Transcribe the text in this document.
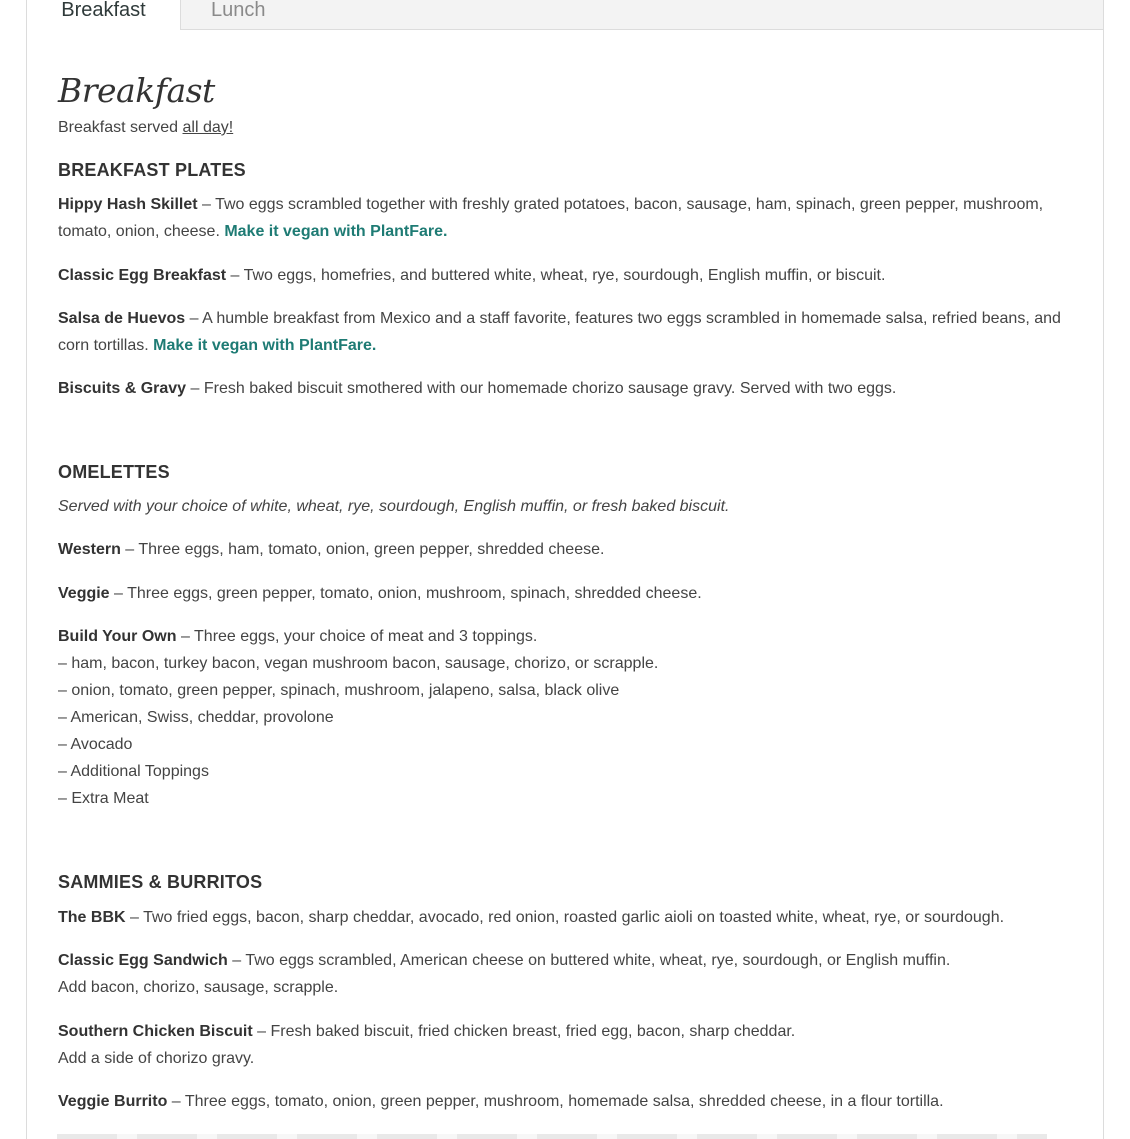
Breakfast	Lunch
Breakfast

Breakfast served all day!

BREAKFAST PLATES

Hippy Hash Skillet – Two eggs scrambled together with freshly grated potatoes, bacon, sausage, ham, spinach, green pepper, mushroom, tomato, onion, cheese. Make it vegan with PlantFare.

Classic Egg Breakfast – Two eggs, homefries, and buttered white, wheat, rye, sourdough, English muffin, or biscuit.

Salsa de Huevos – A humble breakfast from Mexico and a staff favorite, features two eggs scrambled in homemade salsa, refried beans, and corn tortillas. Make it vegan with PlantFare.

Biscuits & Gravy – Fresh baked biscuit smothered with our homemade chorizo sausage gravy. Served with two eggs.

OMELETTES

Served with your choice of white, wheat, rye, sourdough, English muffin, or fresh baked biscuit.

Western – Three eggs, ham, tomato, onion, green pepper, shredded cheese.

Veggie – Three eggs, green pepper, tomato, onion, mushroom, spinach, shredded cheese.

Build Your Own – Three eggs, your choice of meat and 3 toppings.
– ham, bacon, turkey bacon, vegan mushroom bacon, sausage, chorizo, or scrapple.
– onion, tomato, green pepper, spinach, mushroom, jalapeno, salsa, black olive
– American, Swiss, cheddar, provolone
– Avocado
– Additional Toppings
– Extra Meat

SAMMIES & BURRITOS

The BBK – Two fried eggs, bacon, sharp cheddar, avocado, red onion, roasted garlic aioli on toasted white, wheat, rye, or sourdough.

Classic Egg Sandwich – Two eggs scrambled, American cheese on buttered white, wheat, rye, sourdough, or English muffin.
Add bacon, chorizo, sausage, scrapple.

Southern Chicken Biscuit – Fresh baked biscuit, fried chicken breast, fried egg, bacon, sharp cheddar.
Add a side of chorizo gravy.

Veggie Burrito – Three eggs, tomato, onion, green pepper, mushroom, homemade salsa, shredded cheese, in a flour tortilla.
